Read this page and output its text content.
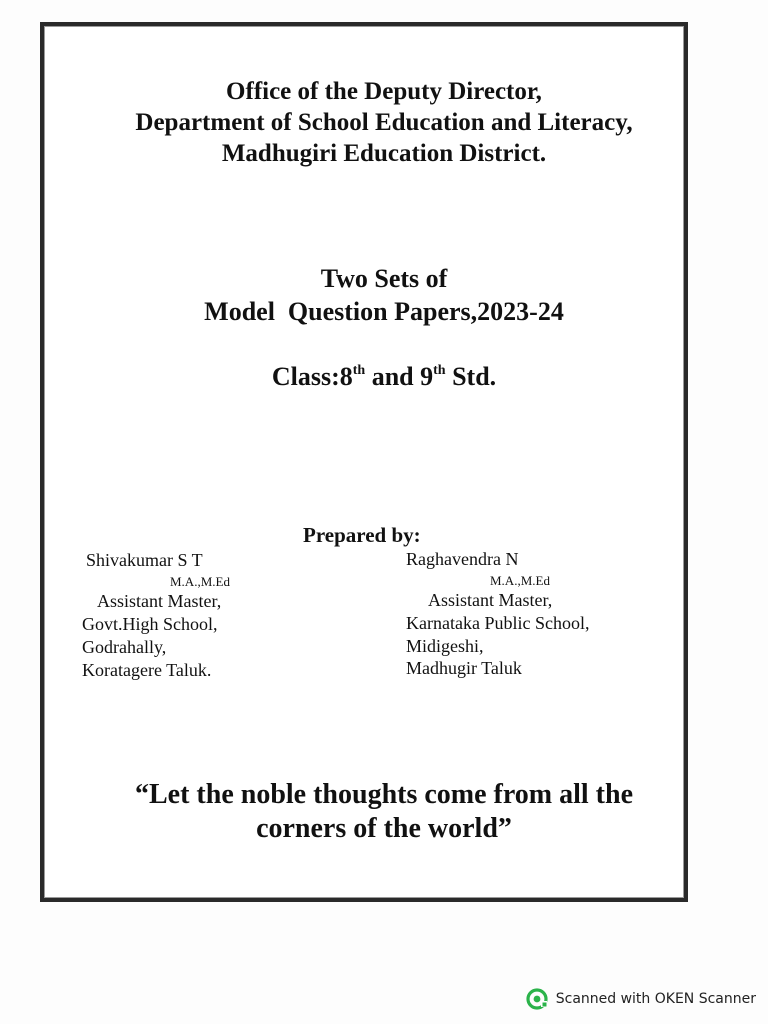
Office of the Deputy Director,
Department of School Education and Literacy,
Madhugiri Education District.
Two Sets of
Model  Question Papers,2023-24
Class:8th and 9th Std.
Prepared by:
Shivakumar S T
M.A.,M.Ed
Assistant Master,
Govt.High School,
Godrahally,
Koratagere Taluk.
Raghavendra N
M.A.,M.Ed
Assistant Master,
Karnataka Public School,
Midigeshi,
Madhugir Taluk
“Let the noble thoughts come from all the
corners of the world”
Scanned with OKEN Scanner
